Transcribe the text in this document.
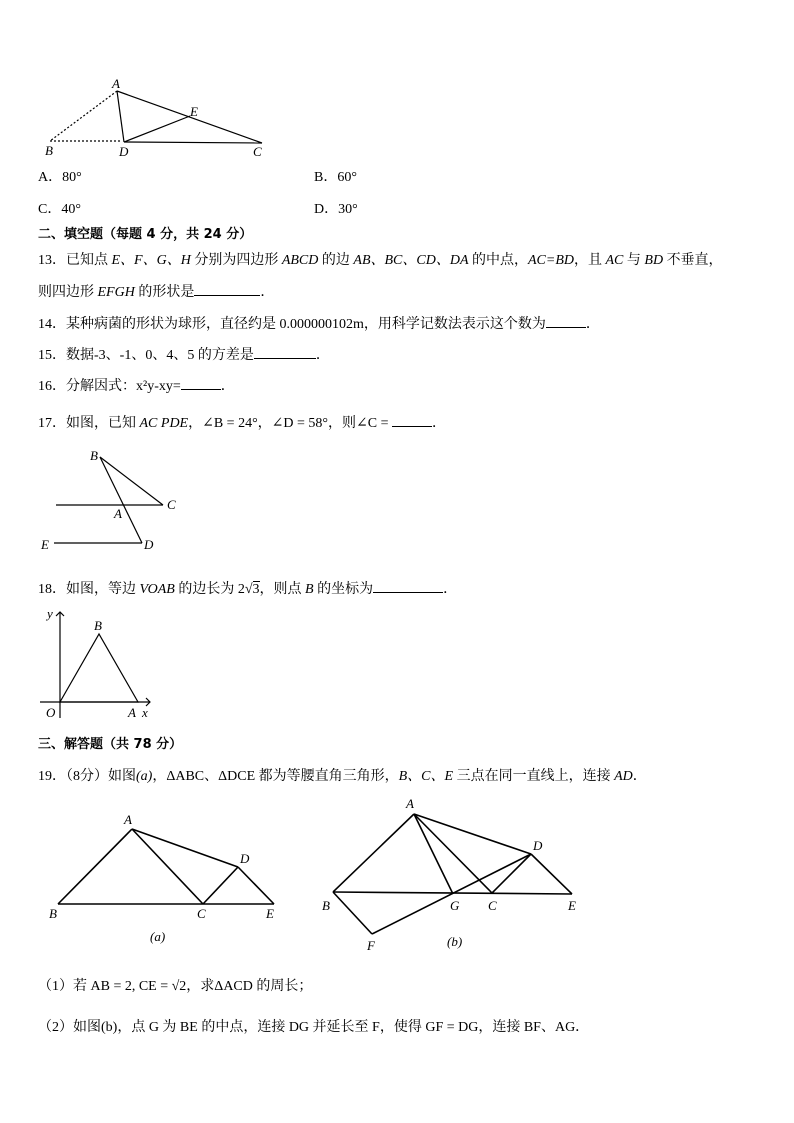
A
E
B	D	C
A．80°	B．60°
C．40°	D．30°
二、填空题（每题 4 分，共 24 分）
13．已知点 E、F、G、H 分别为四边形 ABCD 的边 AB、BC、CD、DA 的中点，AC=BD，且 AC 与 BD 不垂直，
则四边形 EFGH 的形状是	．
14．某种病菌的形状为球形，直径约是 0.000000102m，用科学记数法表示这个数为	．
15．数据-3、-1、0、4、5 的方差是	．
16．分解因式：x²y-xy=	．
17．如图，已知 AC PDE，∠B = 24°，∠D = 58°，则∠C =	．
B
C
A
E	D
18．如图，等边 VOAB 的边长为 2√3，则点 B 的坐标为	．
y
B
O	A x
三、解答题（共 78 分）
19．（8分）如图(a)，ΔABC、ΔDCE 都为等腰直角三角形，B、C、E 三点在同一直线上，连接 AD．
A
D
B	C	E
(a)
A
D
B	G C	E
F	(b)
（1）若 AB = 2, CE = √2，求ΔACD 的周长；
（2）如图(b)，点 G 为 BE 的中点，连接 DG 并延长至 F，使得 GF = DG，连接 BF、AG．
